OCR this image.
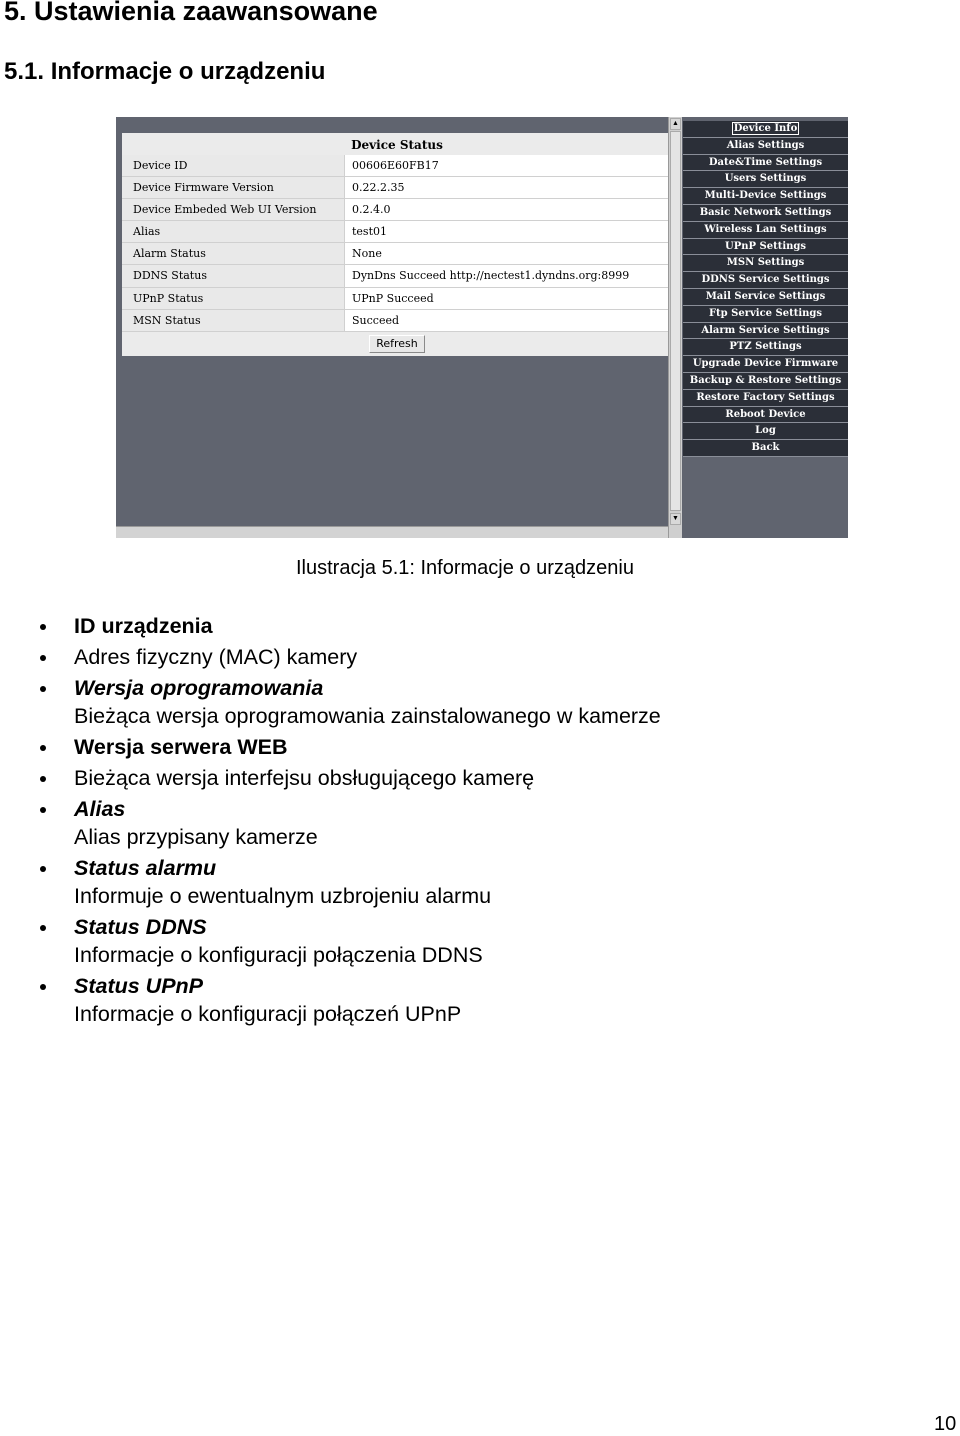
5. Ustawienia zaawansowane
5.1. Informacje o urządzeniu
Device Status
Device ID	00606E60FB17
Device Firmware Version	0.22.2.35
Device Embeded Web UI Version	0.2.4.0
Alias	test01
Alarm Status	None
DDNS Status	DynDns Succeed http://nectest1.dyndns.org:8999
UPnP Status	UPnP Succeed
MSN Status	Succeed
Refresh
▲
▼
Device Info
Alias Settings
Date&Time Settings
Users Settings
Multi-Device Settings
Basic Network Settings
Wireless Lan Settings
UPnP Settings
MSN Settings
DDNS Service Settings
Mail Service Settings
Ftp Service Settings
Alarm Service Settings
PTZ Settings
Upgrade Device Firmware
Backup & Restore Settings
Restore Factory Settings
Reboot Device
Log
Back
Ilustracja 5.1: Informacje o urządzeniu
ID urządzenia
Adres fizyczny (MAC) kamery
Wersja oprogramowania
Bieżąca wersja oprogramowania zainstalowanego w kamerze
Wersja serwera WEB
Bieżąca wersja interfejsu obsługującego kamerę
Alias
Alias przypisany kamerze
Status alarmu
Informuje o ewentualnym uzbrojeniu alarmu
Status DDNS
Informacje o konfiguracji połączenia DDNS
Status UPnP
Informacje o konfiguracji połączeń UPnP
10
